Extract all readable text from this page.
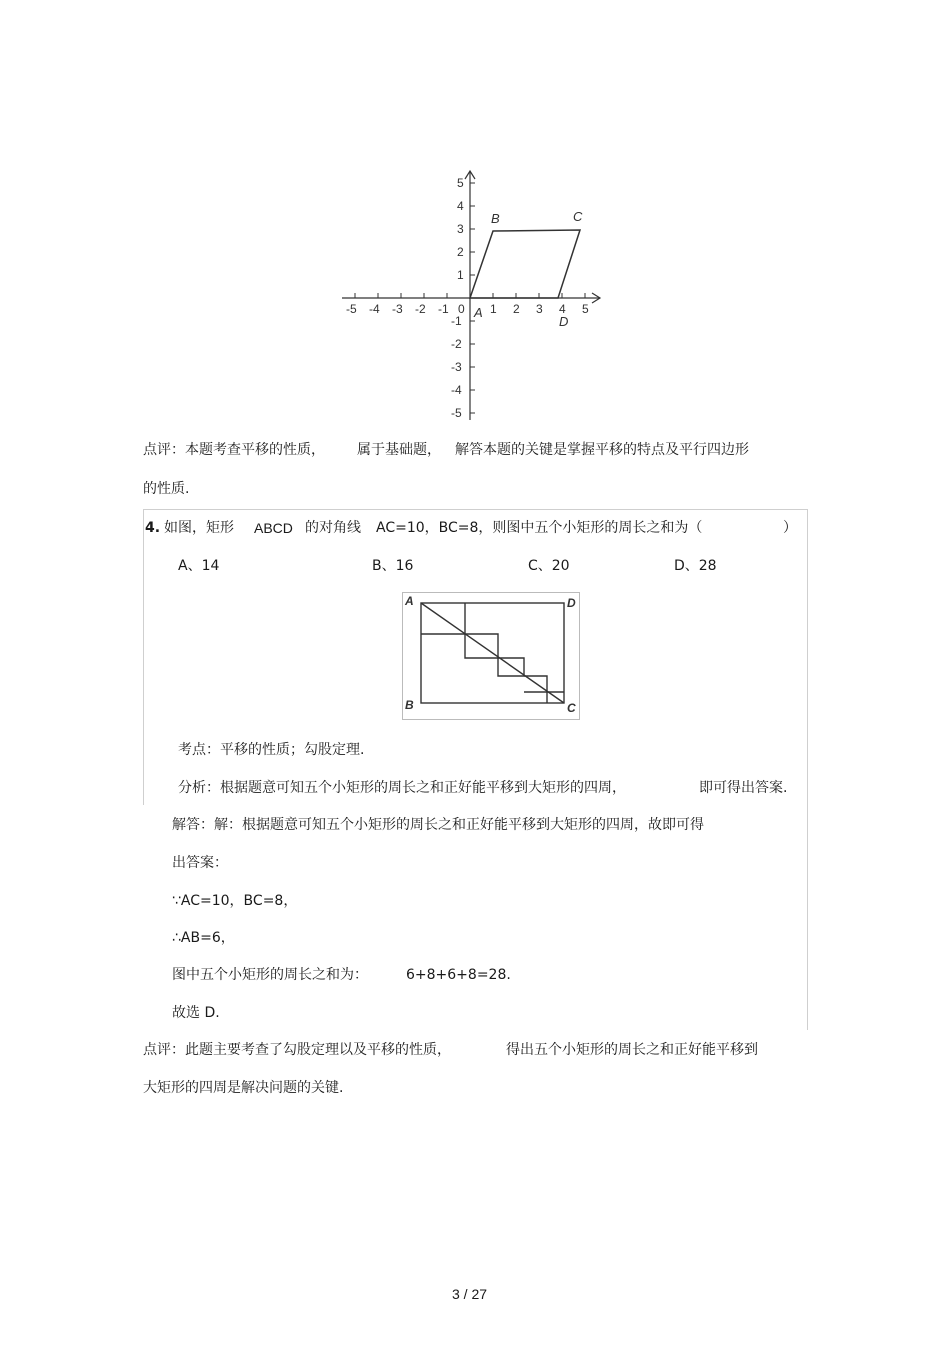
-5 -4 -3 -2 -1 0 1 2 3 4 5
5
4
3
2
1
-1
-2
-3
-4
-5
A
B	C
D
点评：本题考查平移的性质， 属于基础题， 解答本题的关键是掌握平移的特点及平行四边形
的性质.
4. 如图，矩形 ABCD 的对角线 AC=10，BC=8，则图中五个小矩形的周长之和为（	）
A、14	B、16	C、20	D、28
A	D
B	C
考点：平移的性质；勾股定理.
分析：根据题意可知五个小矩形的周长之和正好能平移到大矩形的四周，	即可得出答案.
解答：解：根据题意可知五个小矩形的周长之和正好能平移到大矩形的四周，故即可得
出答案：
∵AC=10，BC=8，
∴AB=6，
图中五个小矩形的周长之和为：	6+8+6+8=28.
故选 D.
点评：此题主要考查了勾股定理以及平移的性质，	得出五个小矩形的周长之和正好能平移到
大矩形的四周是解决问题的关键.
3 / 27
